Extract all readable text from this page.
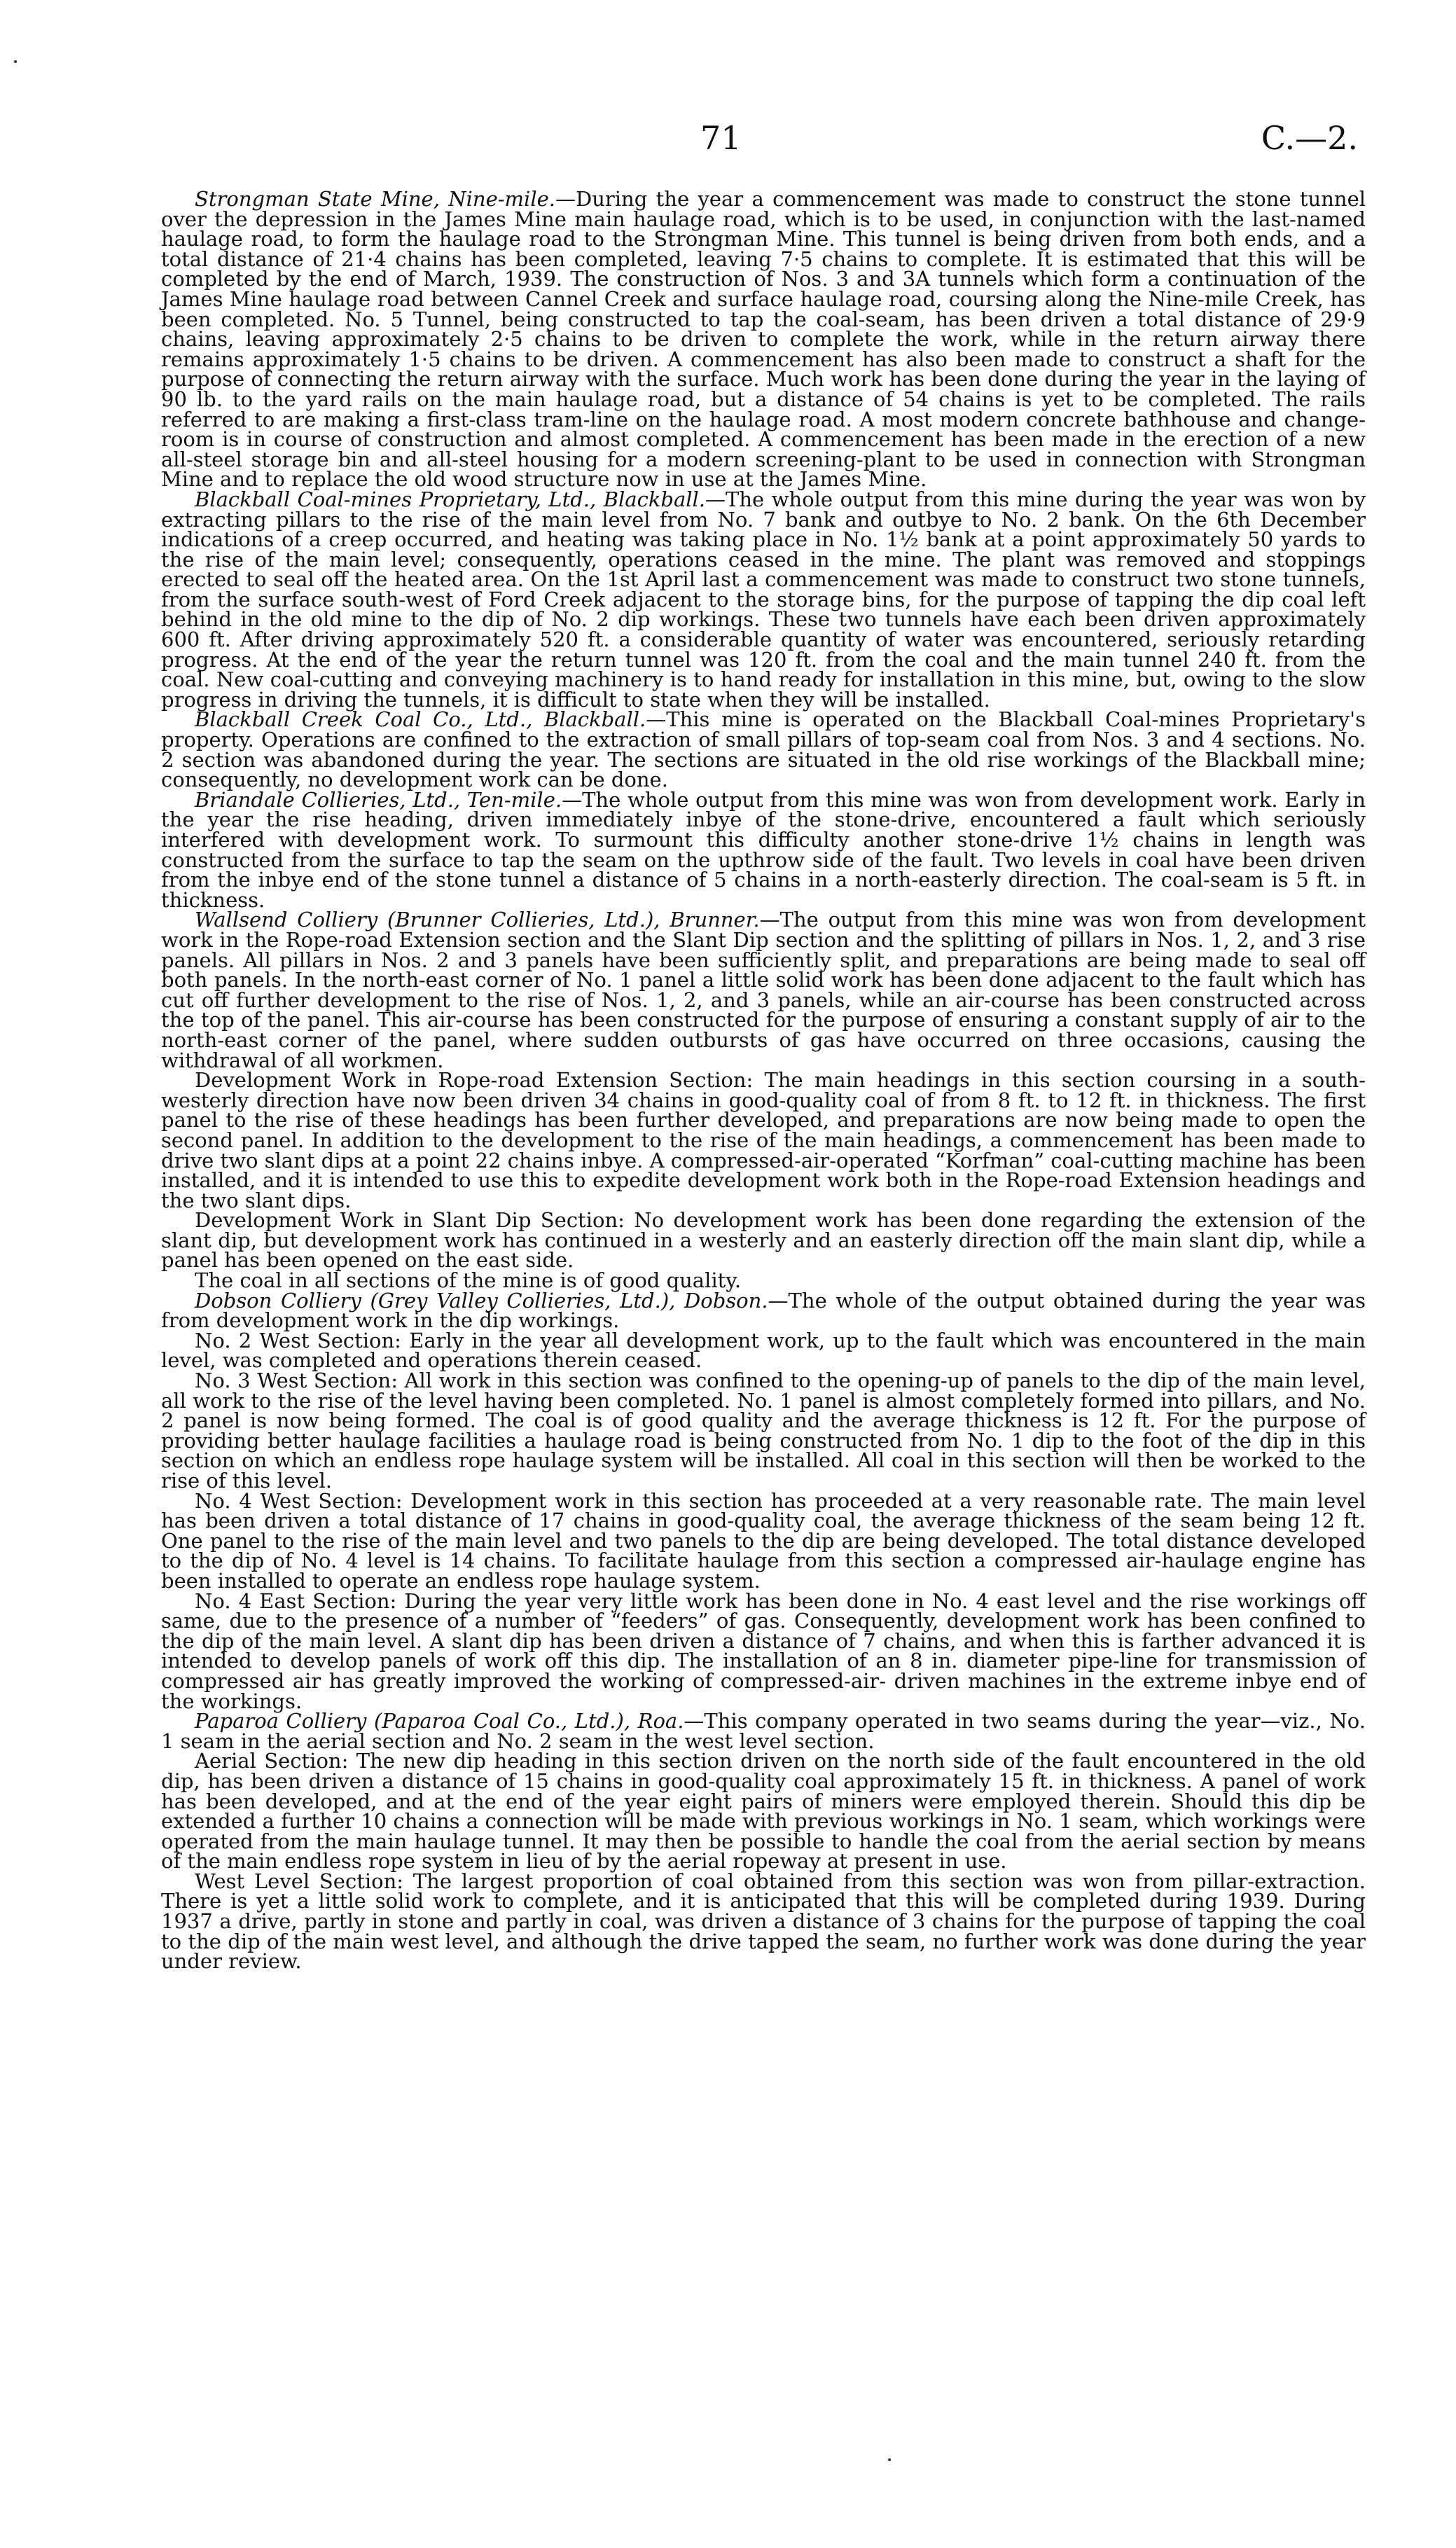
71	C.—2.

Strongman State Mine, Nine-mile.—During the year a commencement was made to construct the stone tunnel over the depression in the James Mine main haulage road, which is to be used, in conjunction with the last-named haulage road, to form the haulage road to the Strongman Mine. This tunnel is being driven from both ends, and a total distance of 21·4 chains has been completed, leaving 7·5 chains to complete. It is estimated that this will be completed by the end of March, 1939. The construction of Nos. 3 and 3A tunnels which form a continuation of the James Mine haulage road between Cannel Creek and surface haulage road, coursing along the Nine-mile Creek, has been completed. No. 5 Tunnel, being constructed to tap the coal-seam, has been driven a total distance of 29·9 chains, leaving approximately 2·5 chains to be driven to complete the work, while in the return airway there remains approximately 1·5 chains to be driven. A commencement has also been made to construct a shaft for the purpose of connecting the return airway with the surface. Much work has been done during the year in the laying of 90 lb. to the yard rails on the main haulage road, but a distance of 54 chains is yet to be completed. The rails referred to are making a first-class tram-line on the haulage road. A most modern concrete bathhouse and change-room is in course of construction and almost completed. A commencement has been made in the erection of a new all-steel storage bin and all-steel housing for a modern screening-plant to be used in connection with Strongman Mine and to replace the old wood structure now in use at the James Mine.

Blackball Coal-mines Proprietary, Ltd., Blackball.—The whole output from this mine during the year was won by extracting pillars to the rise of the main level from No. 7 bank and outbye to No. 2 bank. On the 6th December indications of a creep occurred, and heating was taking place in No. 1½ bank at a point approximately 50 yards to the rise of the main level; consequently, operations ceased in the mine. The plant was removed and stoppings erected to seal off the heated area. On the 1st April last a commencement was made to construct two stone tunnels, from the surface south-west of Ford Creek adjacent to the storage bins, for the purpose of tapping the dip coal left behind in the old mine to the dip of No. 2 dip workings. These two tunnels have each been driven approximately 600 ft. After driving approximately 520 ft. a considerable quantity of water was encountered, seriously retarding progress. At the end of the year the return tunnel was 120 ft. from the coal and the main tunnel 240 ft. from the coal. New coal-cutting and conveying machinery is to hand ready for installation in this mine, but, owing to the slow progress in driving the tunnels, it is difficult to state when they will be installed.

Blackball Creek Coal Co., Ltd., Blackball.—This mine is operated on the Blackball Coal-mines Proprietary's property. Operations are confined to the extraction of small pillars of top-seam coal from Nos. 3 and 4 sections. No. 2 section was abandoned during the year. The sections are situated in the old rise workings of the Blackball mine; consequently, no development work can be done.

Briandale Collieries, Ltd., Ten-mile.—The whole output from this mine was won from development work. Early in the year the rise heading, driven immediately inbye of the stone-drive, encountered a fault which seriously interfered with development work. To surmount this difficulty another stone-drive 1½ chains in length was constructed from the surface to tap the seam on the upthrow side of the fault. Two levels in coal have been driven from the inbye end of the stone tunnel a distance of 5 chains in a north-easterly direction. The coal-seam is 5 ft. in thickness.

Wallsend Colliery (Brunner Collieries, Ltd.), Brunner.—The output from this mine was won from development work in the Rope-road Extension section and the Slant Dip section and the splitting of pillars in Nos. 1, 2, and 3 rise panels. All pillars in Nos. 2 and 3 panels have been sufficiently split, and preparations are being made to seal off both panels. In the north-east corner of No. 1 panel a little solid work has been done adjacent to the fault which has cut off further development to the rise of Nos. 1, 2, and 3 panels, while an air-course has been constructed across the top of the panel. This air-course has been constructed for the purpose of ensuring a constant supply of air to the north-east corner of the panel, where sudden outbursts of gas have occurred on three occasions, causing the withdrawal of all workmen.

Development Work in Rope-road Extension Section: The main headings in this section coursing in a south-westerly direction have now been driven 34 chains in good-quality coal of from 8 ft. to 12 ft. in thickness. The first panel to the rise of these headings has been further developed, and preparations are now being made to open the second panel. In addition to the development to the rise of the main headings, a commencement has been made to drive two slant dips at a point 22 chains inbye. A compressed-air-operated “Korfman” coal-cutting machine has been installed, and it is intended to use this to expedite development work both in the Rope-road Extension headings and the two slant dips.

Development Work in Slant Dip Section: No development work has been done regarding the extension of the slant dip, but development work has continued in a westerly and an easterly direction off the main slant dip, while a panel has been opened on the east side.

The coal in all sections of the mine is of good quality.

Dobson Colliery (Grey Valley Collieries, Ltd.), Dobson.—The whole of the output obtained during the year was from development work in the dip workings.

No. 2 West Section: Early in the year all development work, up to the fault which was encountered in the main level, was completed and operations therein ceased.

No. 3 West Section: All work in this section was confined to the opening-up of panels to the dip of the main level, all work to the rise of the level having been completed. No. 1 panel is almost completely formed into pillars, and No. 2 panel is now being formed. The coal is of good quality and the average thickness is 12 ft. For the purpose of providing better haulage facilities a haulage road is being constructed from No. 1 dip to the foot of the dip in this section on which an endless rope haulage system will be installed. All coal in this section will then be worked to the rise of this level.

No. 4 West Section: Development work in this section has proceeded at a very reasonable rate. The main level has been driven a total distance of 17 chains in good-quality coal, the average thickness of the seam being 12 ft. One panel to the rise of the main level and two panels to the dip are being developed. The total distance developed to the dip of No. 4 level is 14 chains. To facilitate haulage from this section a compressed air-haulage engine has been installed to operate an endless rope haulage system.

No. 4 East Section: During the year very little work has been done in No. 4 east level and the rise workings off same, due to the presence of a number of “feeders” of gas. Consequently, development work has been confined to the dip of the main level. A slant dip has been driven a distance of 7 chains, and when this is farther advanced it is intended to develop panels of work off this dip. The installation of an 8 in. diameter pipe-line for transmission of compressed air has greatly improved the working of compressed-air- driven machines in the extreme inbye end of the workings.

Paparoa Colliery (Paparoa Coal Co., Ltd.), Roa.—This company operated in two seams during the year—viz., No. 1 seam in the aerial section and No. 2 seam in the west level section.

Aerial Section: The new dip heading in this section driven on the north side of the fault encountered in the old dip, has been driven a distance of 15 chains in good-quality coal approximately 15 ft. in thickness. A panel of work has been developed, and at the end of the year eight pairs of miners were employed therein. Should this dip be extended a further 10 chains a connection will be made with previous workings in No. 1 seam, which workings were operated from the main haulage tunnel. It may then be possible to handle the coal from the aerial section by means of the main endless rope system in lieu of by the aerial ropeway at present in use.

West Level Section: The largest proportion of coal obtained from this section was won from pillar-extraction. There is yet a little solid work to complete, and it is anticipated that this will be completed during 1939. During 1937 a drive, partly in stone and partly in coal, was driven a distance of 3 chains for the purpose of tapping the coal to the dip of the main west level, and although the drive tapped the seam, no further work was done during the year under review.
